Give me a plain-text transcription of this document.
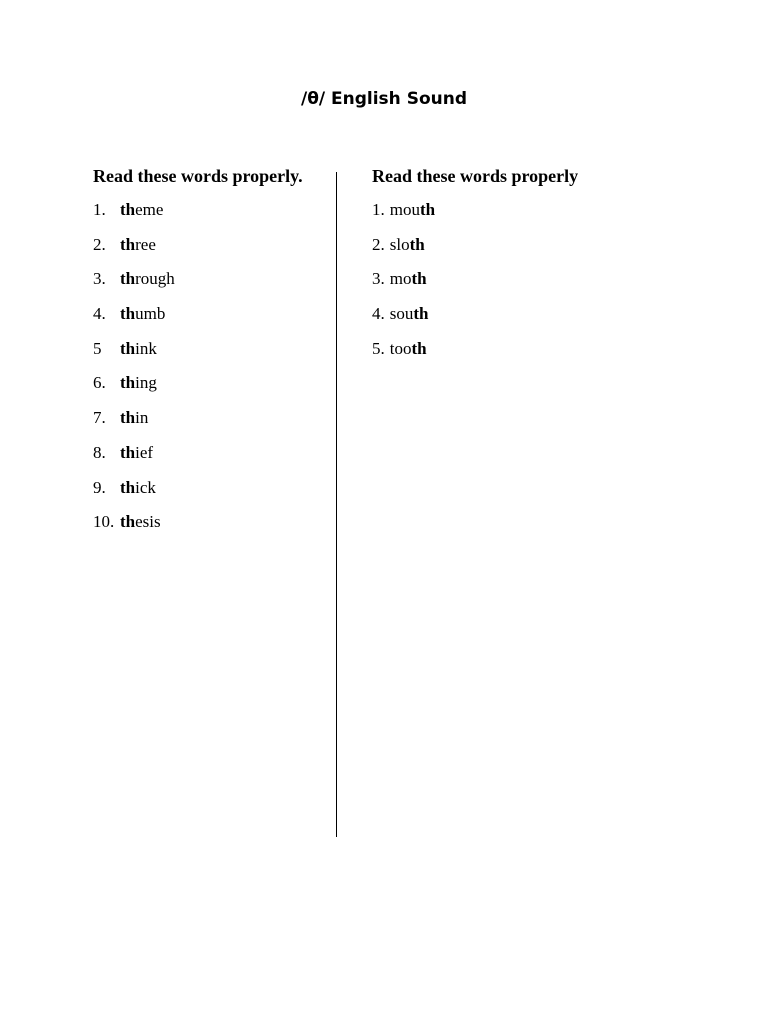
/θ/ English Sound

Read these words properly.

1. theme
2. three
3. through
4. thumb
5 think
6. thing
7. thin
8. thief
9. thick
10. thesis

Read these words properly

1. mouth
2. sloth
3. moth
4. south
5. tooth
